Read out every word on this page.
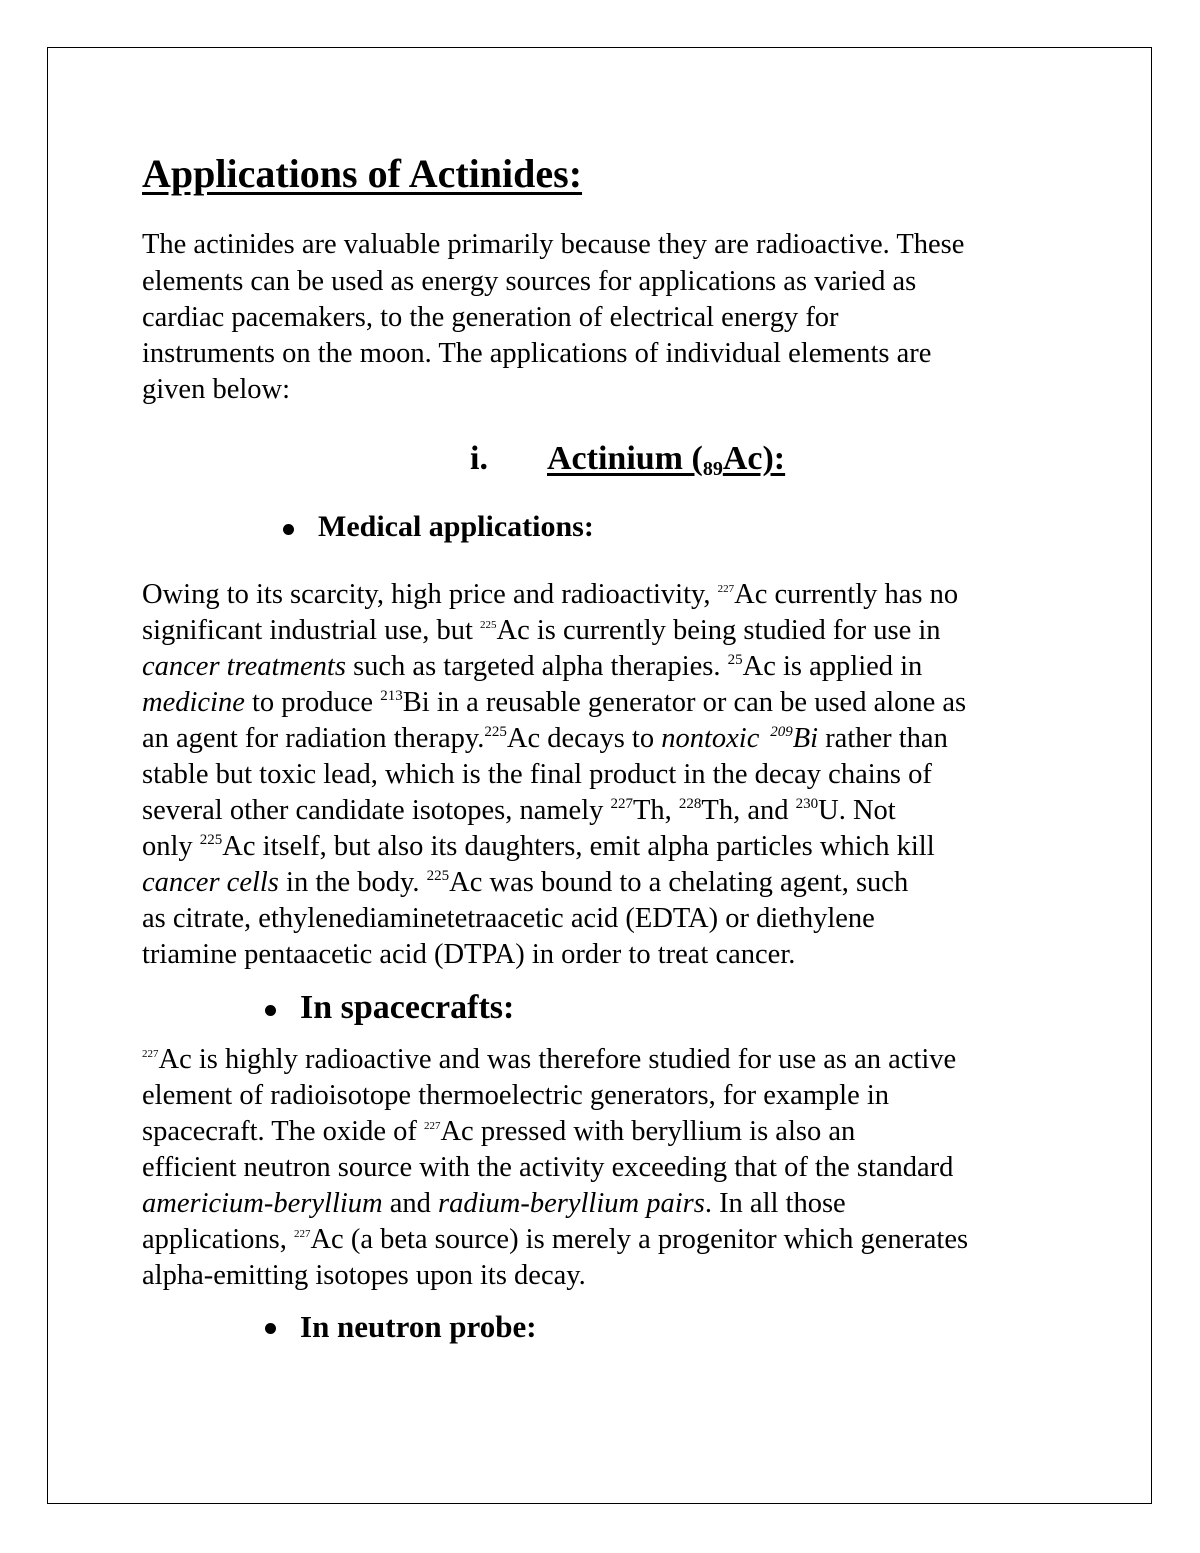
Applications of Actinides:
The actinides are valuable primarily because they are radioactive. These
elements can be used as energy sources for applications as varied as
cardiac pacemakers, to the generation of electrical energy for
instruments on the moon. The applications of individual elements are
given below:
Owing to its scarcity, high price and radioactivity, $^{227}$Ac currently has no
significant industrial use, but $^{225}$Ac is currently being studied for use in
cancer treatments such as targeted alpha therapies. $^{25}$Ac is applied in
medicine to produce $^{213}$Bi in a reusable generator or can be used alone as
an agent for radiation therapy.$^{225}$Ac decays to nontoxic  $^{209}$Bi rather than
stable but toxic lead, which is the final product in the decay chains of
several other candidate isotopes, namely $^{227}$Th, $^{228}$Th, and $^{230}$U. Not
only $^{225}$Ac itself, but also its daughters, emit alpha particles which kill
cancer cells in the body. $^{225}$Ac was bound to a chelating agent, such
as citrate, ethylenediaminetetraacetic acid (EDTA) or diethylene
triamine pentaacetic acid (DTPA) in order to treat cancer.
$^{227}$Ac is highly radioactive and was therefore studied for use as an active
element of radioisotope thermoelectric generators, for example in
spacecraft. The oxide of $^{227}$Ac pressed with beryllium is also an
efficient neutron source with the activity exceeding that of the standard
americium-beryllium and radium-beryllium pairs. In all those
applications, $^{227}$Ac (a beta source) is merely a progenitor which generates
alpha-emitting isotopes upon its decay.
i. Actinium $(_{89}Ac)$:
Medical applications:
In spacecrafts:
In neutron probe:
